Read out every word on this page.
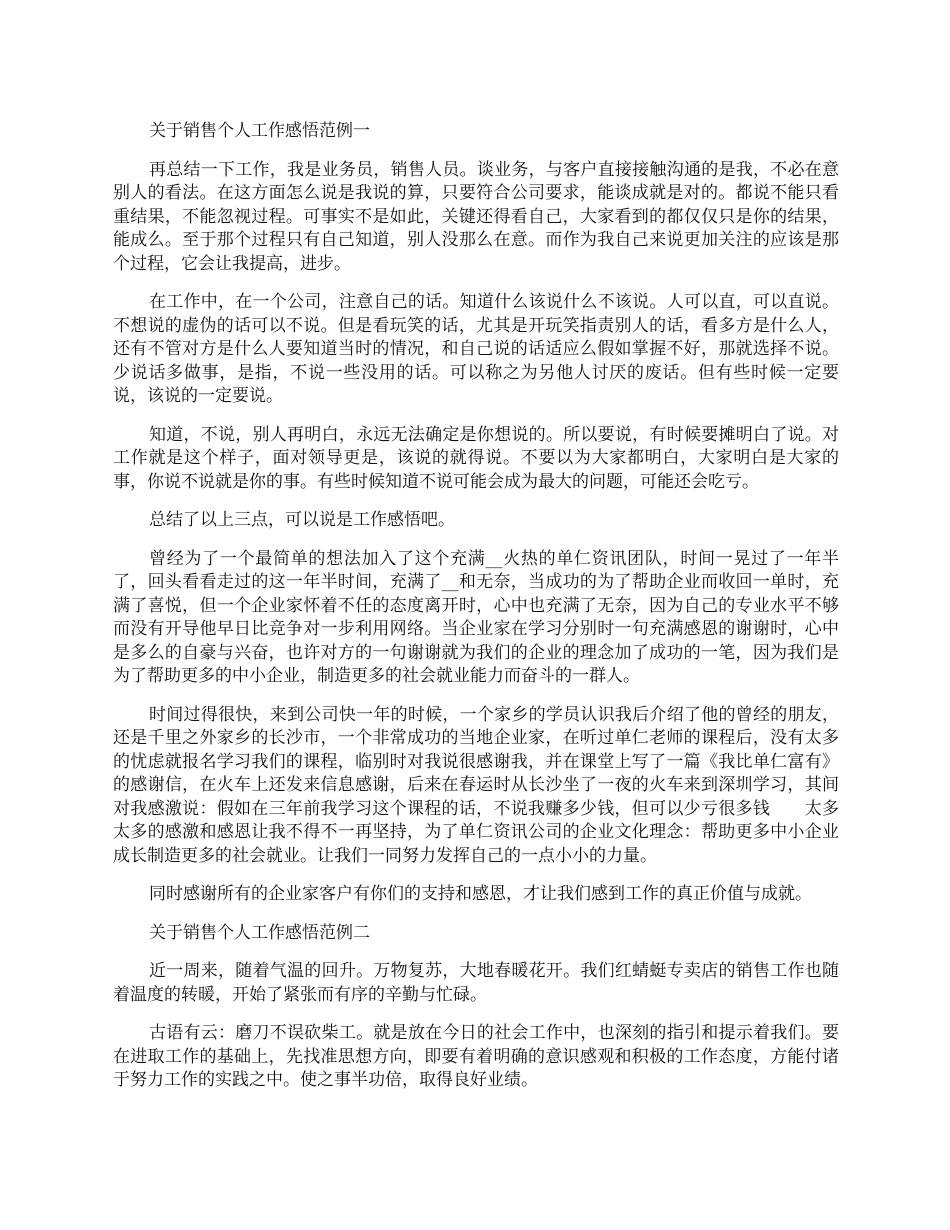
关于销售个人工作感悟范例一

再总结一下工作，我是业务员，销售人员。谈业务，与客户直接接触沟通的是我，不必在意别人的看法。在这方面怎么说是我说的算，只要符合公司要求，能谈成就是对的。都说不能只看重结果，不能忽视过程。可事实不是如此，关键还得看自己，大家看到的都仅仅只是你的结果，能成么。至于那个过程只有自己知道，别人没那么在意。而作为我自己来说更加关注的应该是那个过程，它会让我提高，进步。

在工作中，在一个公司，注意自己的话。知道什么该说什么不该说。人可以直，可以直说。不想说的虚伪的话可以不说。但是看玩笑的话，尤其是开玩笑指责别人的话，看多方是什么人，还有不管对方是什么人要知道当时的情况，和自己说的话适应么假如掌握不好，那就选择不说。少说话多做事，是指，不说一些没用的话。可以称之为另他人讨厌的废话。但有些时候一定要说，该说的一定要说。

知道，不说，别人再明白，永远无法确定是你想说的。所以要说，有时候要摊明白了说。对工作就是这个样子，面对领导更是，该说的就得说。不要以为大家都明白，大家明白是大家的事，你说不说就是你的事。有些时候知道不说可能会成为最大的问题，可能还会吃亏。

总结了以上三点，可以说是工作感悟吧。

曾经为了一个最简单的想法加入了这个充满__火热的单仁资讯团队，时间一晃过了一年半了，回头看看走过的这一年半时间，充满了__和无奈，当成功的为了帮助企业而收回一单时，充满了喜悦，但一个企业家怀着不任的态度离开时，心中也充满了无奈，因为自己的专业水平不够而没有开导他早日比竞争对一步利用网络。当企业家在学习分别时一句充满感恩的谢谢时，心中是多么的自豪与兴奋，也许对方的一句谢谢就为我们的企业的理念加了成功的一笔，因为我们是为了帮助更多的中小企业，制造更多的社会就业能力而奋斗的一群人。

时间过得很快，来到公司快一年的时候，一个家乡的学员认识我后介绍了他的曾经的朋友，还是千里之外家乡的长沙市，一个非常成功的当地企业家，在听过单仁老师的课程后，没有太多的忧虑就报名学习我们的课程，临别时对我说很感谢我，并在课堂上写了一篇《我比单仁富有》的感谢信，在火车上还发来信息感谢，后来在春运时从长沙坐了一夜的火车来到深圳学习，其间对我感激说：假如在三年前我学习这个课程的话，不说我赚多少钱，但可以少亏很多钱　　太多太多的感激和感恩让我不得不一再坚持，为了单仁资讯公司的企业文化理念：帮助更多中小企业成长制造更多的社会就业。让我们一同努力发挥自己的一点小小的力量。

同时感谢所有的企业家客户有你们的支持和感恩，才让我们感到工作的真正价值与成就。

关于销售个人工作感悟范例二

近一周来，随着气温的回升。万物复苏，大地春暖花开。我们红蜻蜓专卖店的销售工作也随着温度的转暖，开始了紧张而有序的辛勤与忙碌。

古语有云：磨刀不误砍柴工。就是放在今日的社会工作中，也深刻的指引和提示着我们。要在进取工作的基础上，先找准思想方向，即要有着明确的意识感观和积极的工作态度，方能付诸于努力工作的实践之中。使之事半功倍，取得良好业绩。
